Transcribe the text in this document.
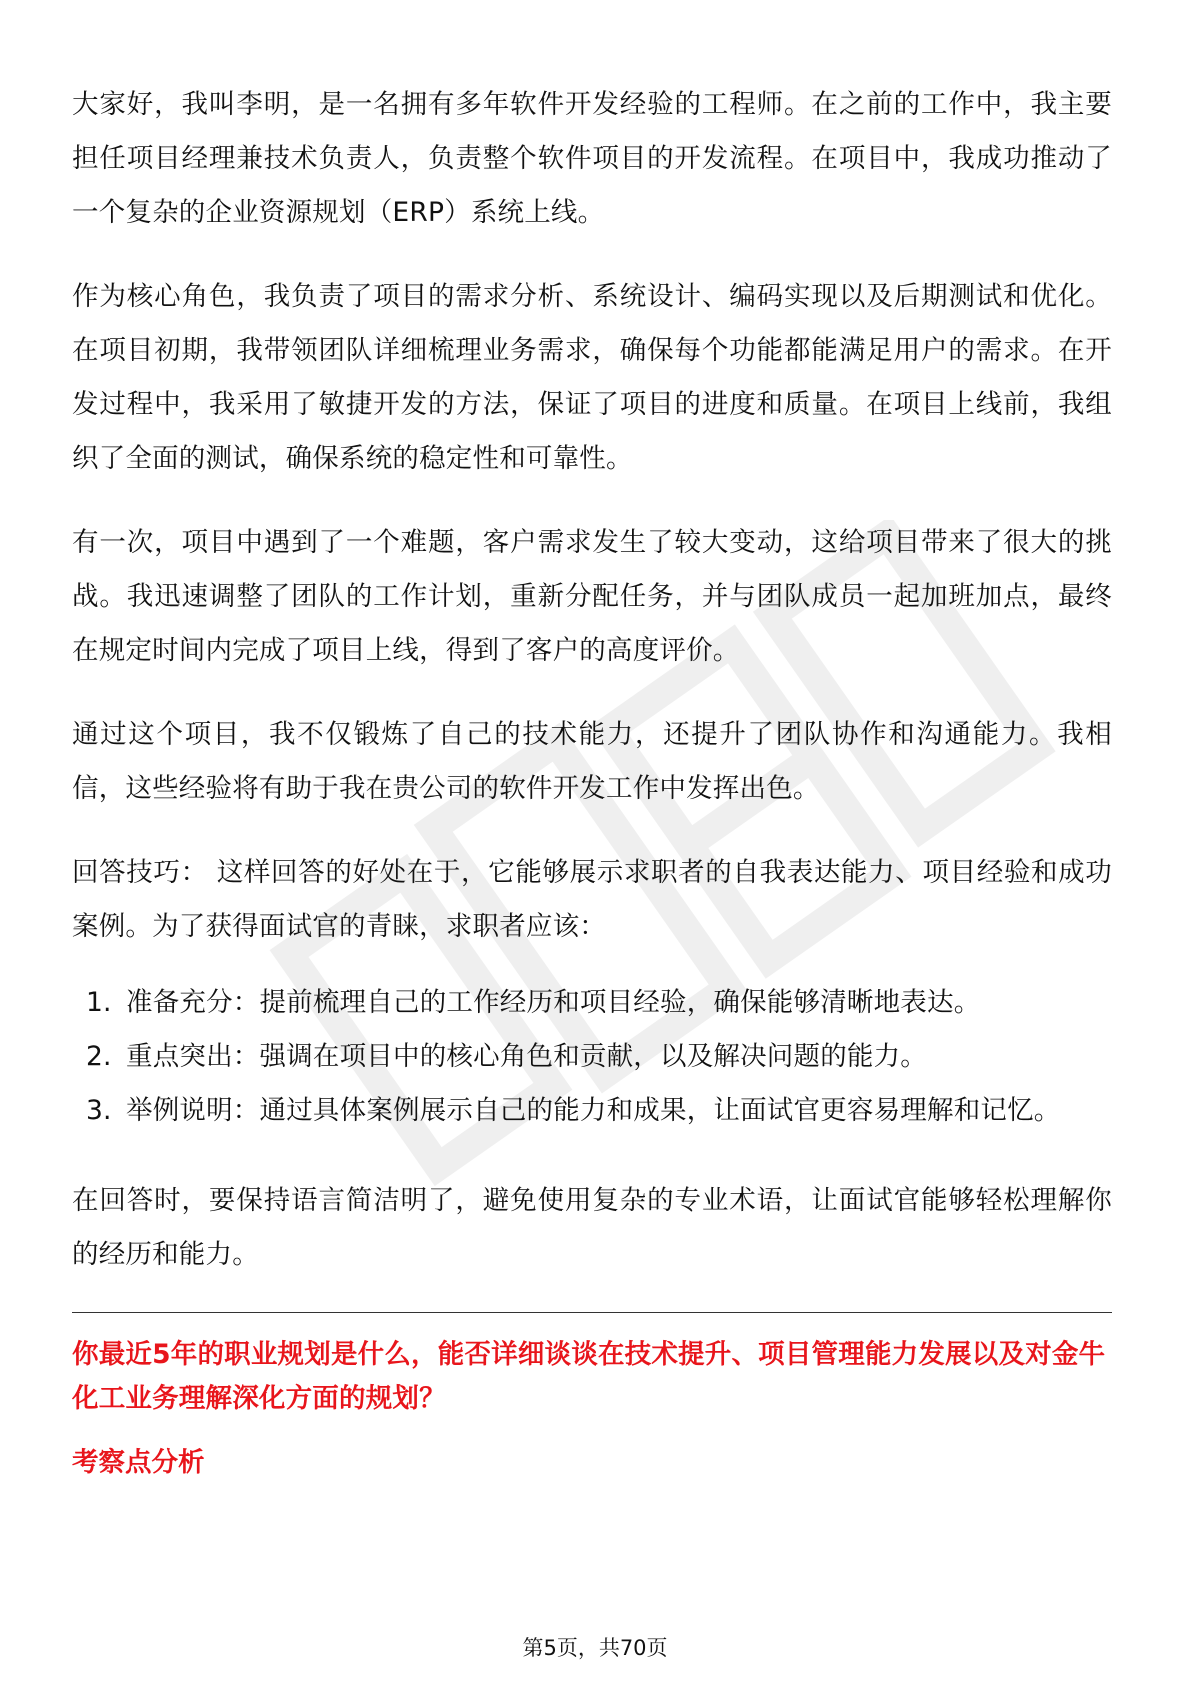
大家好，我叫李明，是一名拥有多年软件开发经验的工程师。在之前的工作中，我主要担任项目经理兼技术负责人，负责整个软件项目的开发流程。在项目中，我成功推动了一个复杂的企业资源规划（ERP）系统上线。

作为核心角色，我负责了项目的需求分析、系统设计、编码实现以及后期测试和优化。在项目初期，我带领团队详细梳理业务需求，确保每个功能都能满足用户的需求。在开发过程中，我采用了敏捷开发的方法，保证了项目的进度和质量。在项目上线前，我组织了全面的测试，确保系统的稳定性和可靠性。

有一次，项目中遇到了一个难题，客户需求发生了较大变动，这给项目带来了很大的挑战。我迅速调整了团队的工作计划，重新分配任务，并与团队成员一起加班加点，最终在规定时间内完成了项目上线，得到了客户的高度评价。

通过这个项目，我不仅锻炼了自己的技术能力，还提升了团队协作和沟通能力。我相信，这些经验将有助于我在贵公司的软件开发工作中发挥出色。

回答技巧： 这样回答的好处在于，它能够展示求职者的自我表达能力、项目经验和成功案例。为了获得面试官的青睐，求职者应该：

1. 准备充分：提前梳理自己的工作经历和项目经验，确保能够清晰地表达。
2. 重点突出：强调在项目中的核心角色和贡献，以及解决问题的能力。
3. 举例说明：通过具体案例展示自己的能力和成果，让面试官更容易理解和记忆。

在回答时，要保持语言简洁明了，避免使用复杂的专业术语，让面试官能够轻松理解你的经历和能力。

你最近5年的职业规划是什么，能否详细谈谈在技术提升、项目管理能力发展以及对金牛化工业务理解深化方面的规划？

考察点分析

第5页，共70页
